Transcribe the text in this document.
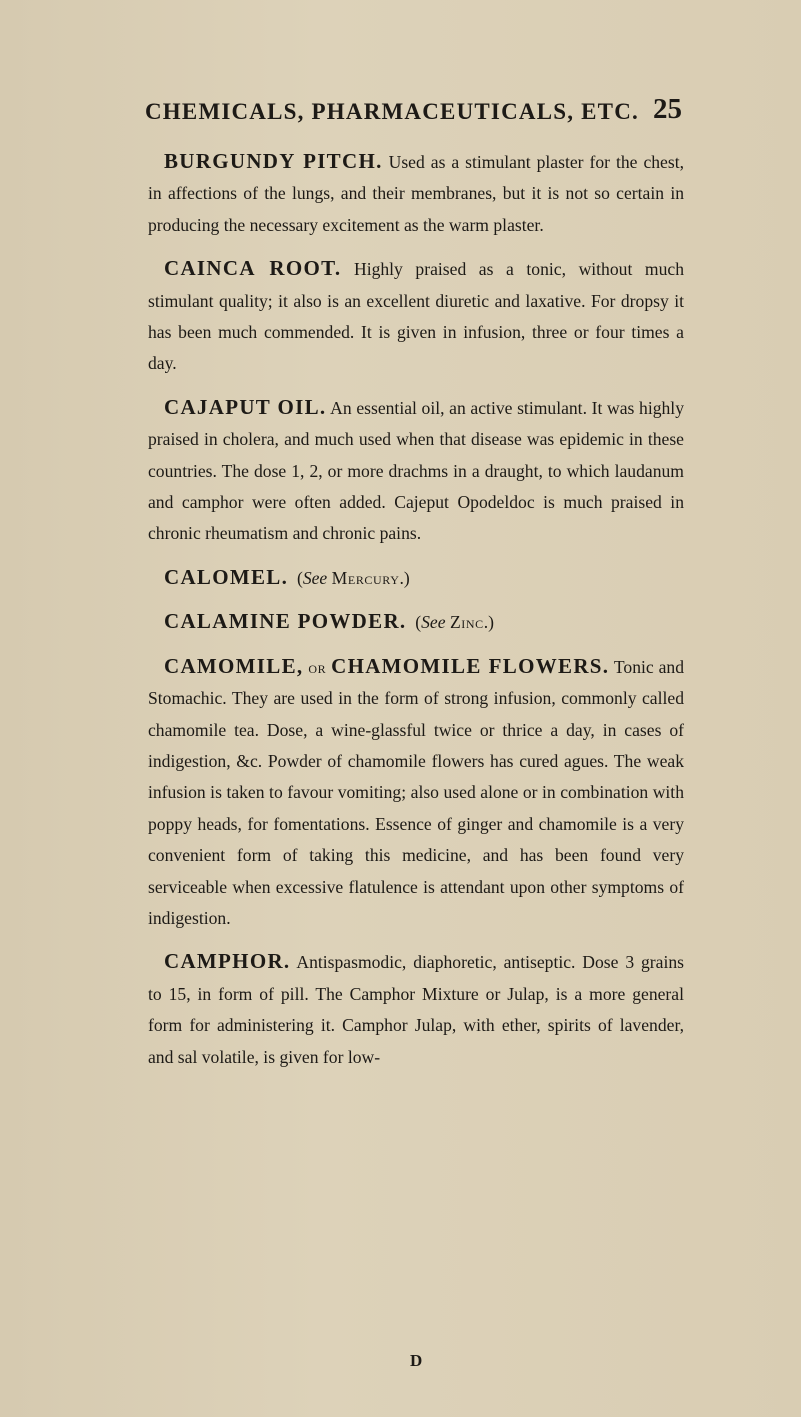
CHEMICALS, PHARMACEUTICALS, ETC. 25

BURGUNDY PITCH. Used as a stimulant plaster for the chest, in affections of the lungs, and their membranes, but it is not so certain in producing the necessary excitement as the warm plaster.

CAINCA ROOT. Highly praised as a tonic, without much stimulant quality; it also is an excellent diuretic and laxative. For dropsy it has been much commended. It is given in infusion, three or four times a day.

CAJAPUT OIL. An essential oil, an active stimulant. It was highly praised in cholera, and much used when that disease was epidemic in these countries. The dose 1, 2, or more drachms in a draught, to which laudanum and camphor were often added. Cajeput Opodeldoc is much praised in chronic rheumatism and chronic pains.

CALOMEL. (See Mercury.)

CALAMINE POWDER. (See Zinc.)

CAMOMILE, or CHAMOMILE FLOWERS. Tonic and Stomachic. They are used in the form of strong infusion, commonly called chamomile tea. Dose, a wine-glassful twice or thrice a day, in cases of indigestion, &c. Powder of chamomile flowers has cured agues. The weak infusion is taken to favour vomiting; also used alone or in combination with poppy heads, for fomentations. Essence of ginger and chamomile is a very convenient form of taking this medicine, and has been found very serviceable when excessive flatulence is attendant upon other symptoms of indigestion.

CAMPHOR. Antispasmodic, diaphoretic, antiseptic. Dose 3 grains to 15, in form of pill. The Camphor Mixture or Julap, is a more general form for administering it. Camphor Julap, with ether, spirits of lavender, and sal volatile, is given for low-

D
